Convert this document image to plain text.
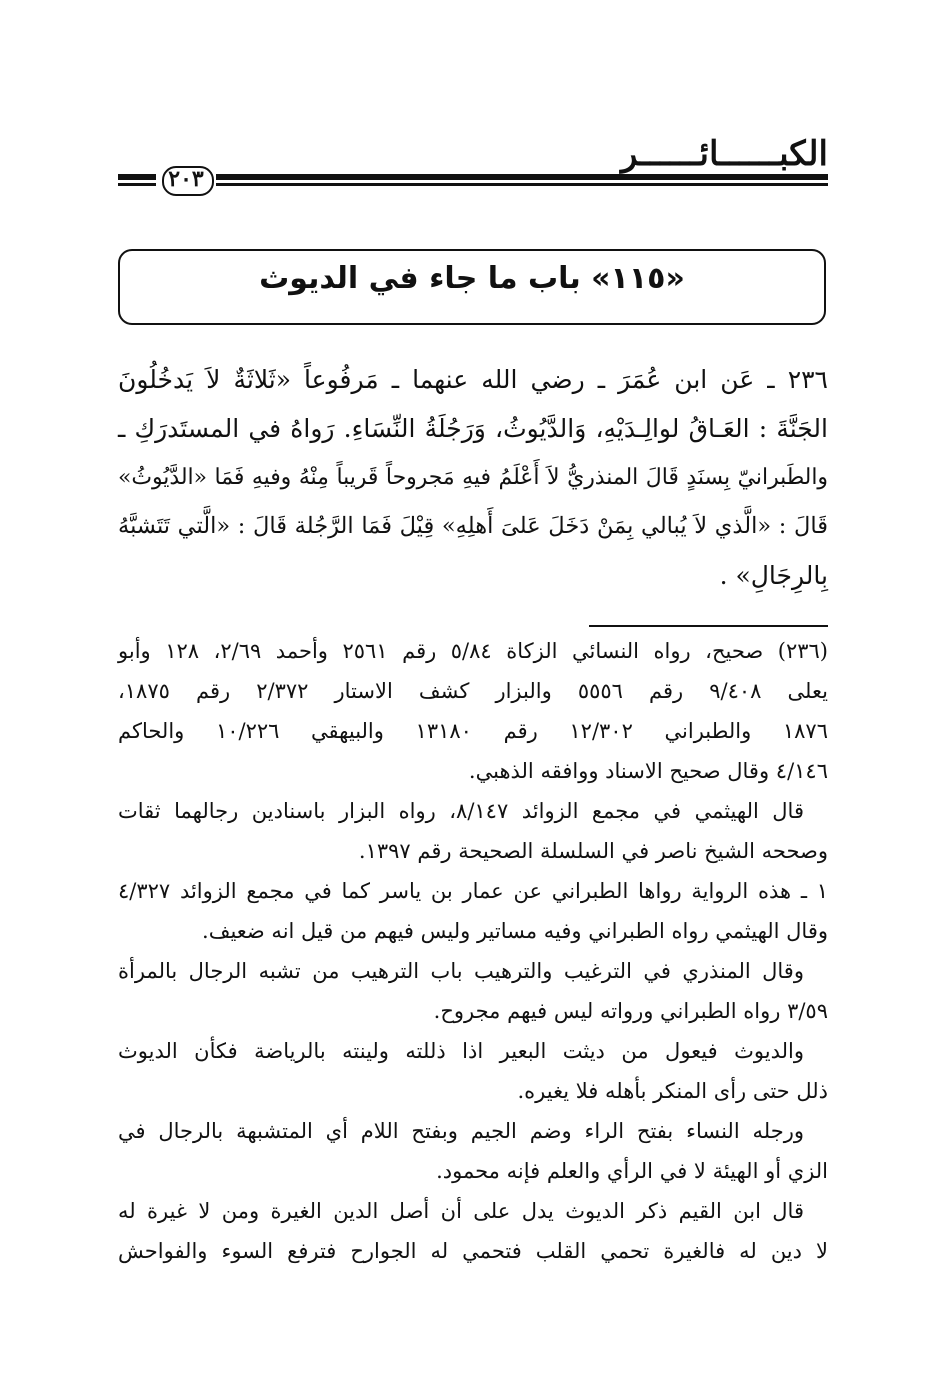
الكبــــــائــــــر
٢٠٣
«١١٥» باب ما جاء في الديوث
٢٣٦ ـ عَن ابن عُمَرَ ـ رضي الله عنهما ـ مَرفُوعاً «ثَلاثَةٌ لاَ يَدخُلُونَ
الجَنَّةَ : العَـاقُ لوالِـدَيْهِ، وَالدَّيُوثُ، وَرَجُلَةُ النِّسَاءِ. رَواهُ في المستَدرَكِ ـ
والطَبرانيّ بِسنَدٍ قَالَ المنذريُّ لاَ أَعْلَمُ فيهِ مَجروحاً قَريباً مِنْهُ وفيهِ فَمَا «الدَّيُوثُ»
قَالَ : «الَّذي لاَ يُبالي بِمَنْ دَخَلَ عَلىَ أَهلِهِ» قِيْلَ فَمَا الرَّجُلة قَالَ : «الَّتي تَتَشبَّهُ
بِالرِجَالِ» .
(٢٣٦) صحيح، رواه النسائي الزكاة ٥/٨٤ رقم ٢٥٦١ وأحمد ٢/٦٩، ١٢٨ وأبو
يعلى ٩/٤٠٨ رقم ٥٥٥٦ والبزار كشف الاستار ٢/٣٧٢ رقم ١٨٧٥،
١٨٧٦ والطبراني ١٢/٣٠٢ رقم ١٣١٨٠ والبيهقي ١٠/٢٢٦ والحاكم
٤/١٤٦ وقال صحيح الاسناد ووافقه الذهبي.
قال الهيثمي في مجمع الزوائد ٨/١٤٧، رواه البزار باسنادين رجالهما ثقات
وصححه الشيخ ناصر في السلسلة الصحيحة رقم ١٣٩٧.
١ ـ هذه الرواية رواها الطبراني عن عمار بن ياسر كما في مجمع الزوائد ٤/٣٢٧
وقال الهيثمي رواه الطبراني وفيه مساتير وليس فيهم من قيل انه ضعيف.
وقال المنذري في الترغيب والترهيب باب الترهيب من تشبه الرجال بالمرأة
٣/٥٩ رواه الطبراني ورواته ليس فيهم مجروح.
والديوث فيعول من ديثت البعير اذا ذللته ولينته بالرياضة فكأن الديوث
ذلل حتى رأى المنكر بأهله فلا يغيره.
ورجله النساء بفتح الراء وضم الجيم وبفتح اللام أي المتشبهة بالرجال في
الزي أو الهيئة لا في الرأي والعلم فإنه محمود.
قال ابن القيم ذكر الديوث يدل على أن أصل الدين الغيرة ومن لا غيرة له
لا دين له فالغيرة تحمي القلب فتحمي له الجوارح فترفع السوء والفواحش
